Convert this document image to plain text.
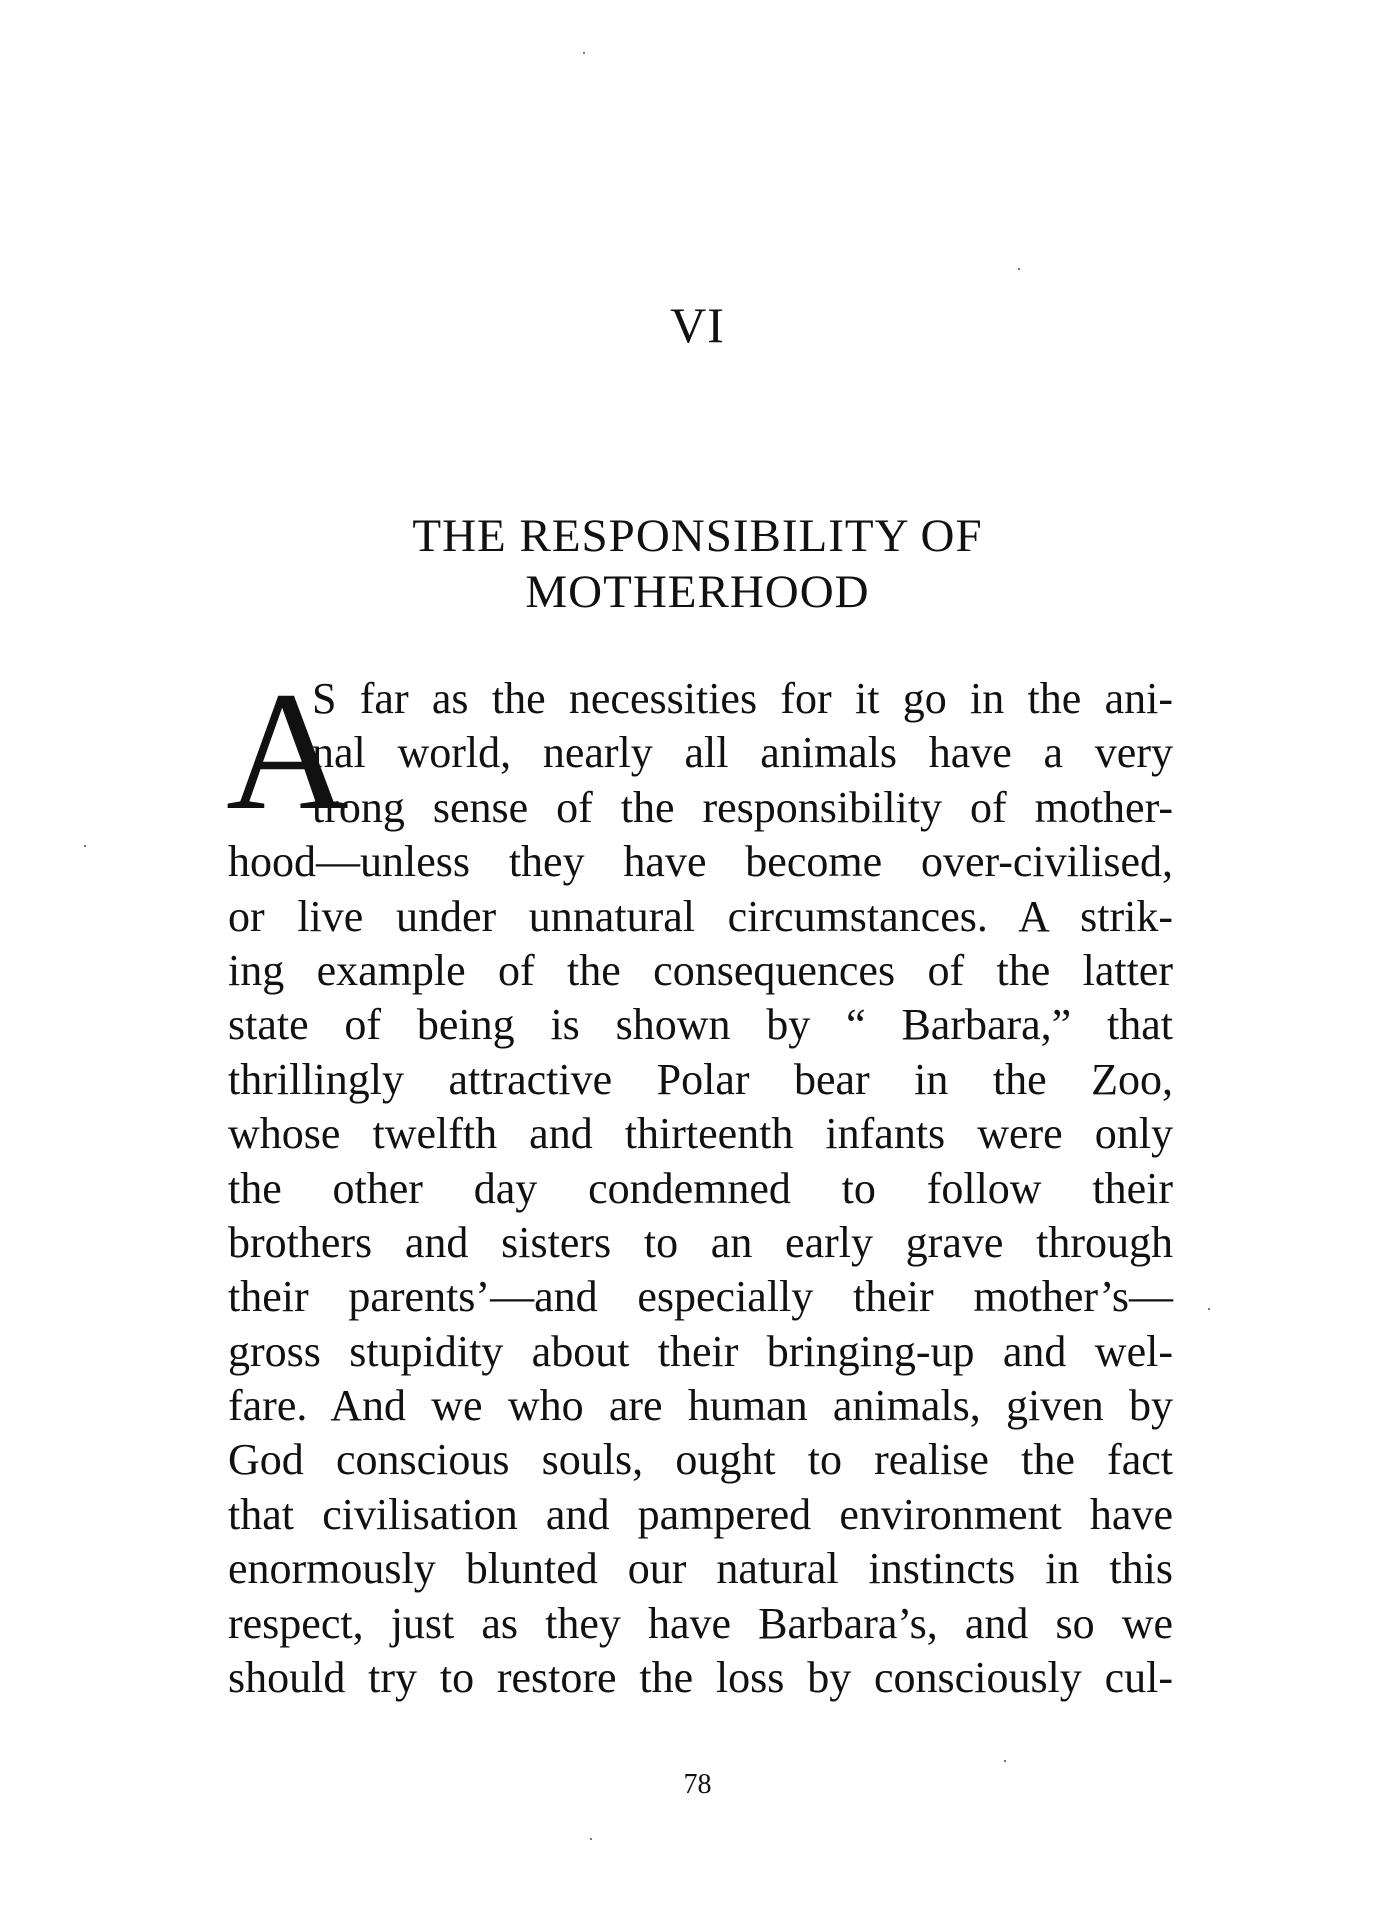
VI
THE RESPONSIBILITY OF
MOTHERHOOD
A
S far as the necessities for it go in the ani-
nal world, nearly all animals have a very
trong sense of the responsibility of mother-
hood—unless they have become over-civilised,
or live under unnatural circumstances. A strik-
ing example of the consequences of the latter
state of being is shown by “ Barbara,” that
thrillingly attractive Polar bear in the Zoo,
whose twelfth and thirteenth infants were only
the other day condemned to follow their
brothers and sisters to an early grave through
their parents’—and especially their mother’s—
gross stupidity about their bringing-up and wel-
fare. And we who are human animals, given by
God conscious souls, ought to realise the fact
that civilisation and pampered environment have
enormously blunted our natural instincts in this
respect, just as they have Barbara’s, and so we
should try to restore the loss by consciously cul-
78
